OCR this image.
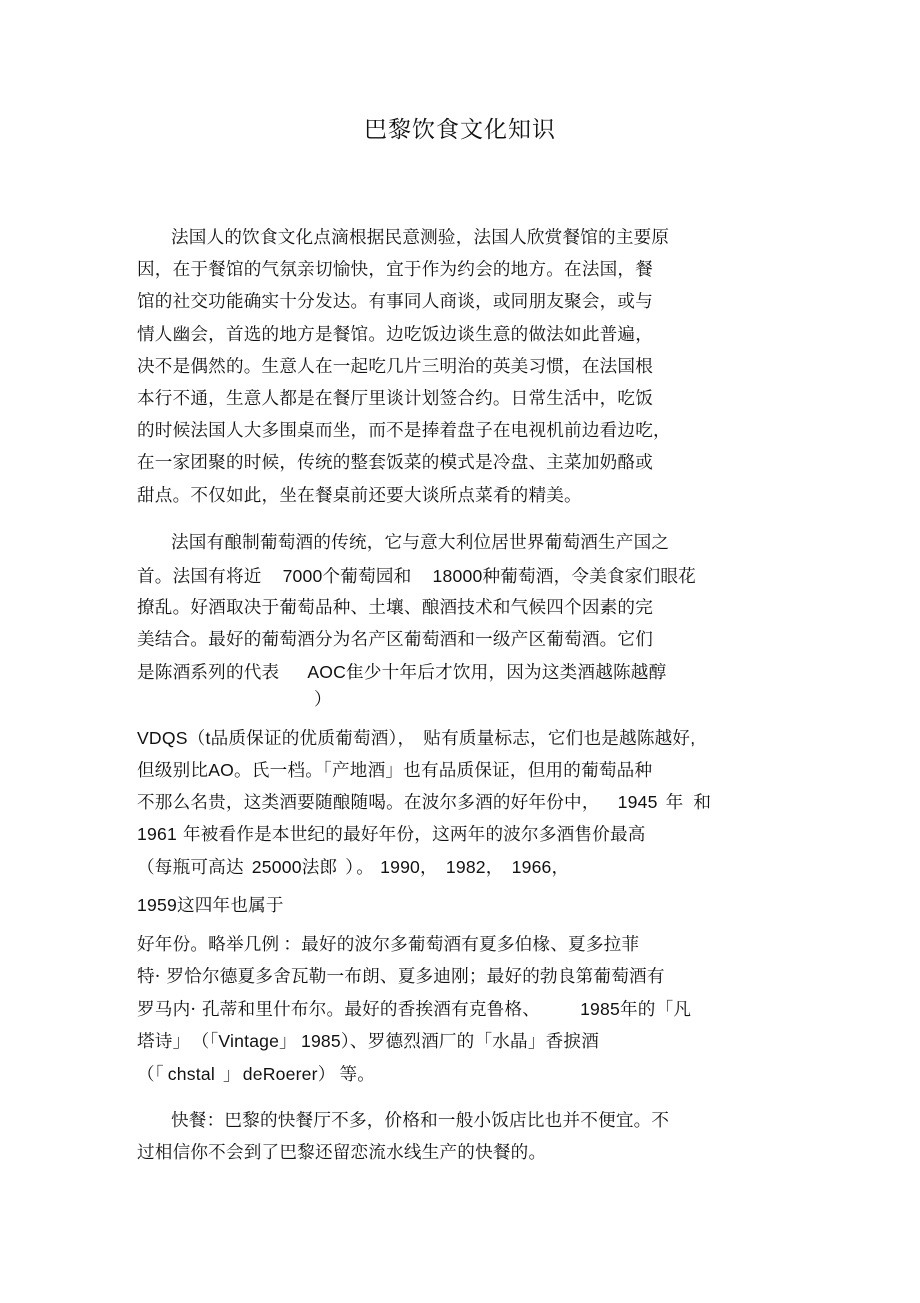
巴黎饮食文化知识
法国人的饮食文化点滴根据民意测验，法国人欣赏餐馆的主要原
因，在于餐馆的气氛亲切愉快，宜于作为约会的地方。在法国，餐
馆的社交功能确实十分发达。有事同人商谈，或同朋友聚会，或与
情人幽会，首选的地方是餐馆。边吃饭边谈生意的做法如此普遍，
决不是偶然的。生意人在一起吃几片三明治的英美习惯，在法国根
本行不通，生意人都是在餐厅里谈计划签合约。日常生活中，吃饭
的时候法国人大多围桌而坐，而不是捧着盘子在电视机前边看边吃，
在一家团聚的时候，传统的整套饭菜的模式是冷盘、主菜加奶酪或
甜点。不仅如此，坐在餐桌前还要大谈所点菜肴的精美。
法国有酿制葡萄酒的传统，它与意大利位居世界葡萄酒生产国之
首。法国有将近 7000个葡萄园和 18000种葡萄酒，令美食家们眼花
撩乱。好酒取决于葡萄品种、土壤、酿酒技术和气候四个因素的完
美结合。最好的葡萄酒分为名产区葡萄酒和一级产区葡萄酒。它们
是陈酒系列的代表 AOC隹少十年后才饮用，因为这类酒越陈越醇
）
VDQS（t品质保证的优质葡萄酒）， 贴有质量标志，它们也是越陈越好,
但级别比AO。氏一档。「产地酒」也有品质保证，但用的葡萄品种
不那么名贵，这类酒要随酿随喝。在波尔多酒的好年份中， 1945 年 和
1961 年被看作是本世纪的最好年份，这两年的波尔多酒售价最高
（每瓶可高达 25000法郎 ） 。 1990， 1982， 1966，
1959这四年也属于
好年份。略举几例 ：最好的波尔多葡萄酒有夏多伯椽、夏多拉菲
特· 罗恰尔德夏多舍瓦勒一布朗、夏多迪刚；最好的勃良第葡萄酒有
罗马内· 孔蒂和里什布尔。最好的香挨酒有克鲁格、 1985年的「凡
塔诗」 （「Vintage」 1985）、罗德烈酒厂的「水晶」香捩酒
（「 chstal 」 deRoerer） 等。
快餐：巴黎的快餐厅不多，价格和一般小饭店比也并不便宜。不
过相信你不会到了巴黎还留恋流水线生产的快餐的。
